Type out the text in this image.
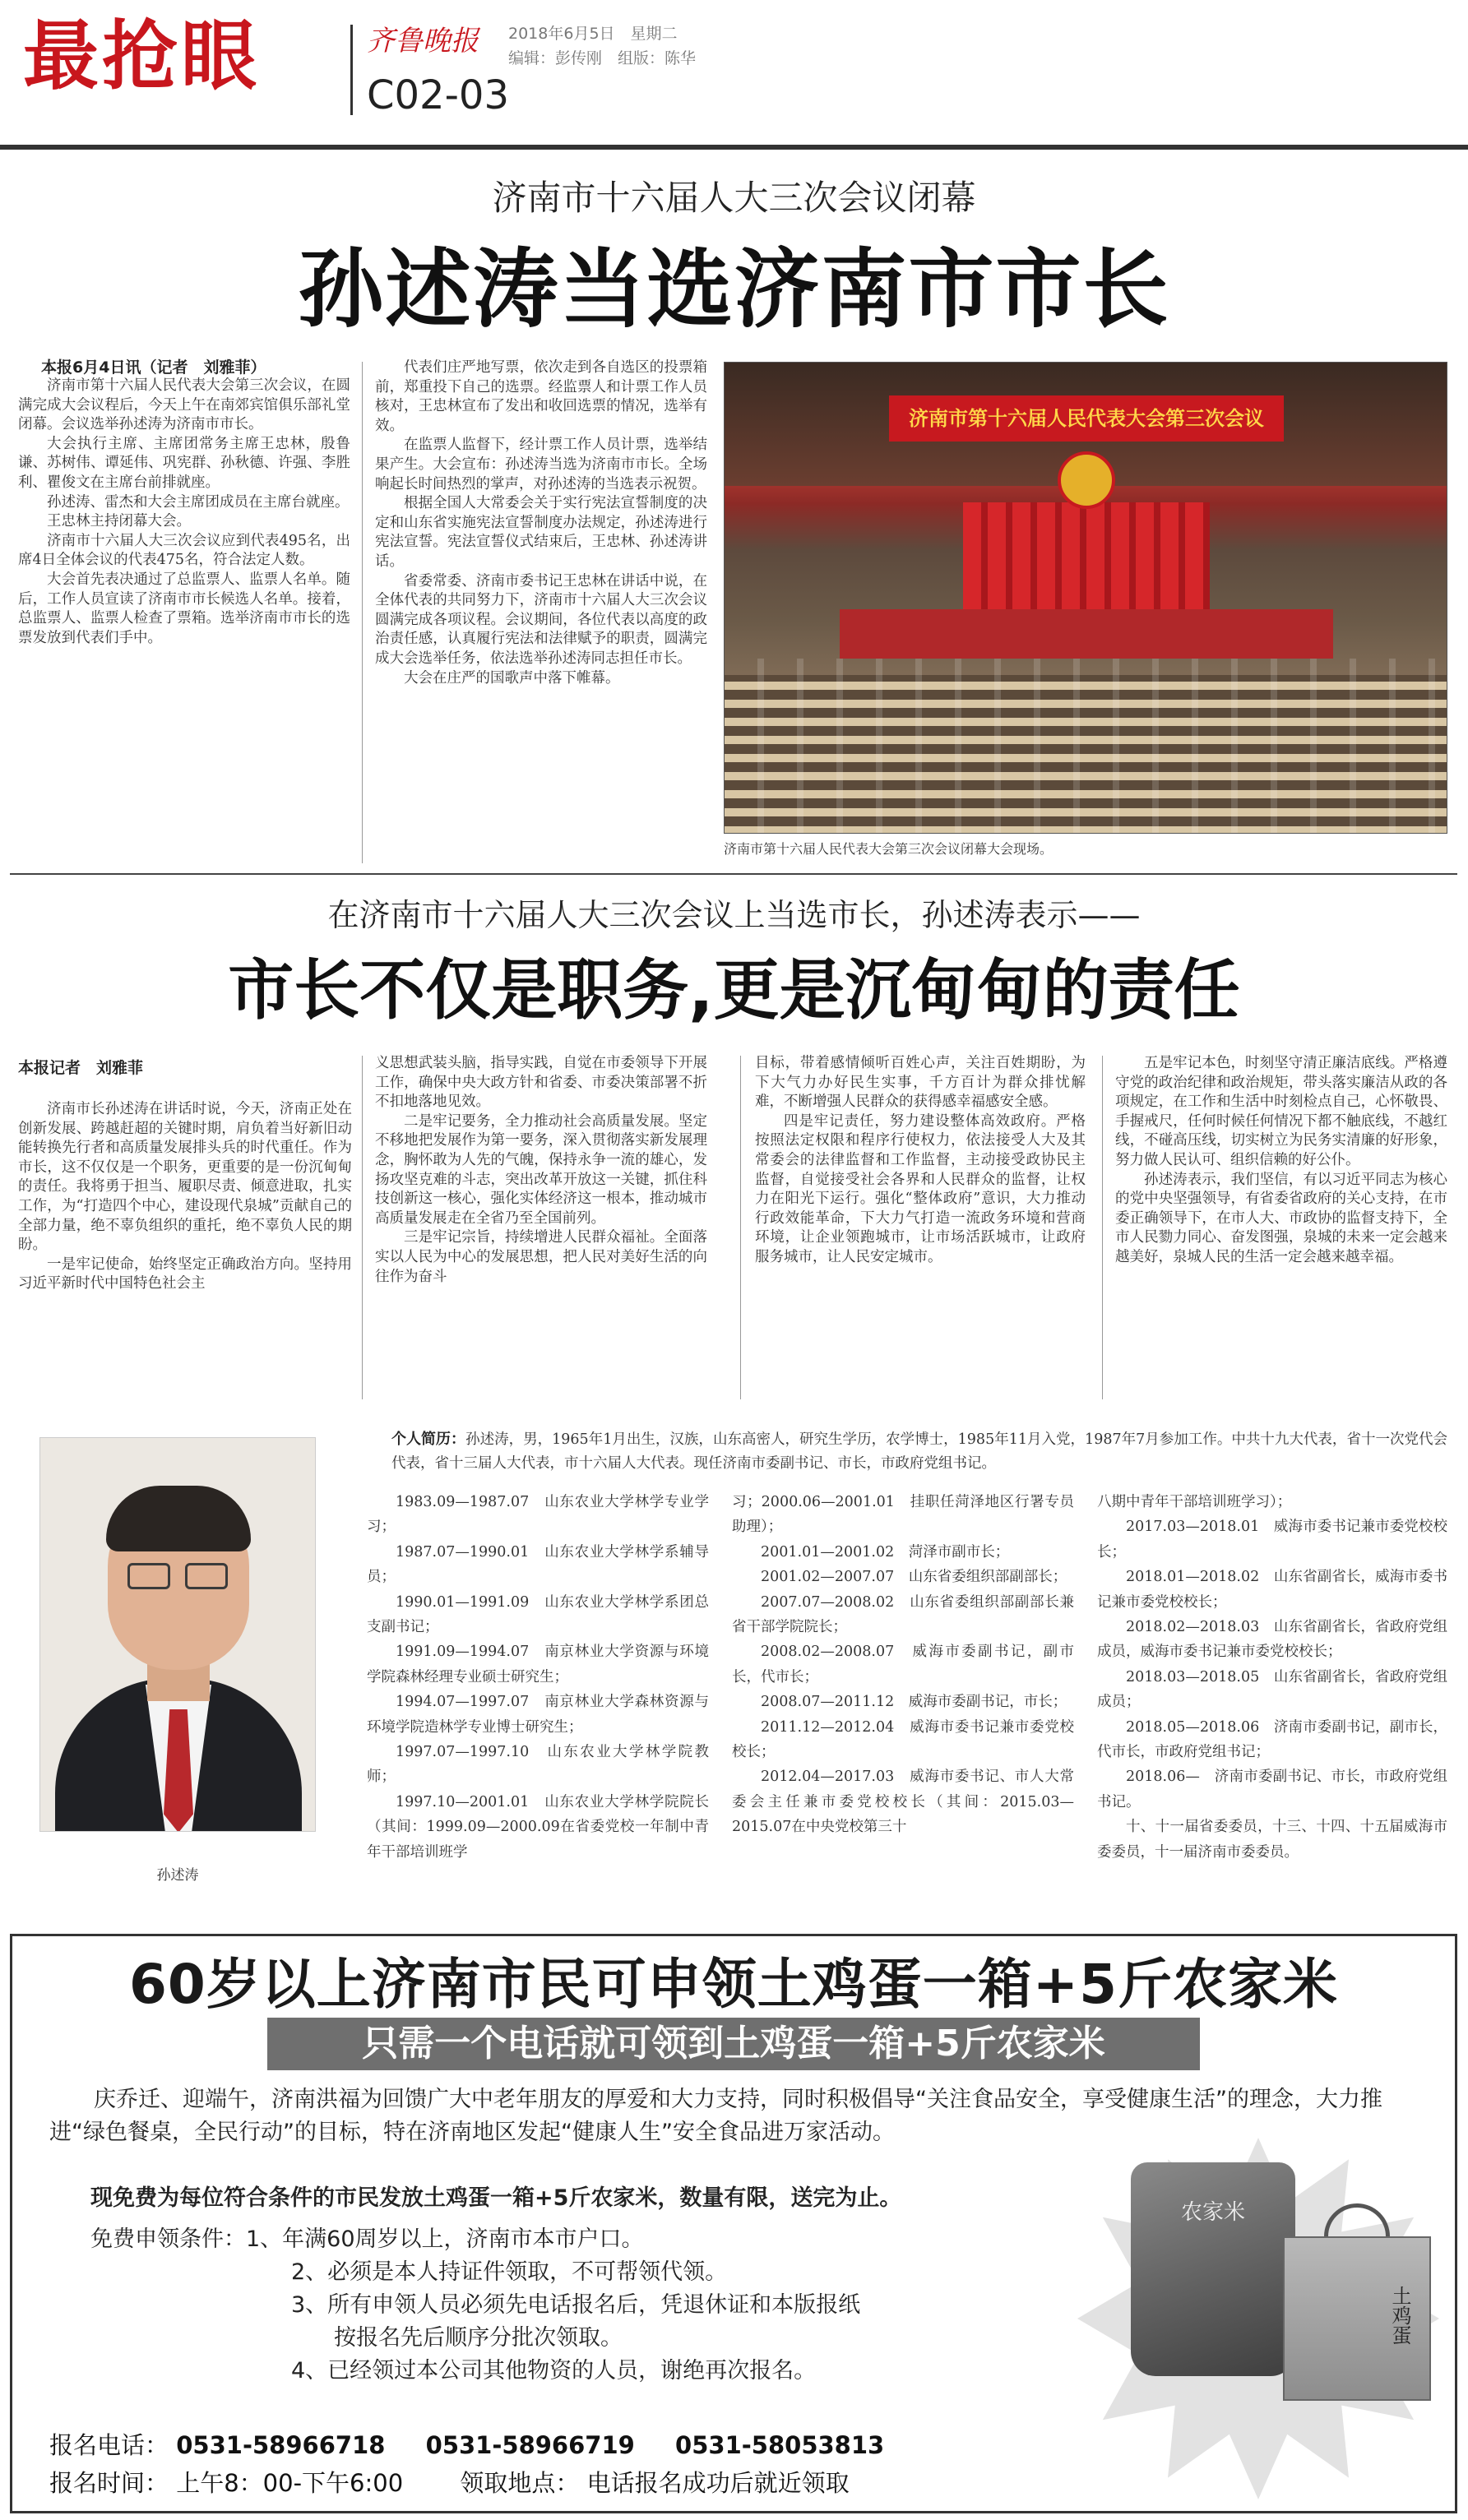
最抢眼	齐鲁晚报
C02-03
2018年6月5日　星期二
编辑：彭传刚　组版：陈华
济南市十六届人大三次会议闭幕
孙述涛当选济南市市长
本报6月4日讯（记者　刘雅菲）

济南市第十六届人民代表大会第三次会议，在圆满完成大会议程后，今天上午在南郊宾馆俱乐部礼堂闭幕。会议选举孙述涛为济南市市长。

大会执行主席、主席团常务主席王忠林，殷鲁谦、苏树伟、谭延伟、巩宪群、孙秋德、许强、李胜利、瞿俊文在主席台前排就座。

孙述涛、雷杰和大会主席团成员在主席台就座。

王忠林主持闭幕大会。

济南市十六届人大三次会议应到代表495名，出席4日全体会议的代表475名，符合法定人数。

大会首先表决通过了总监票人、监票人名单。随后，工作人员宣读了济南市市长候选人名单。接着，总监票人、监票人检查了票箱。选举济南市市长的选票发放到代表们手中。

代表们庄严地写票，依次走到各自选区的投票箱前，郑重投下自己的选票。经监票人和计票工作人员核对，王忠林宣布了发出和收回选票的情况，选举有效。

在监票人监督下，经计票工作人员计票，选举结果产生。大会宣布：孙述涛当选为济南市市长。全场响起长时间热烈的掌声，对孙述涛的当选表示祝贺。

根据全国人大常委会关于实行宪法宣誓制度的决定和山东省实施宪法宣誓制度办法规定，孙述涛进行宪法宣誓。宪法宣誓仪式结束后，王忠林、孙述涛讲话。

省委常委、济南市委书记王忠林在讲话中说，在全体代表的共同努力下，济南市十六届人大三次会议圆满完成各项议程。会议期间，各位代表以高度的政治责任感，认真履行宪法和法律赋予的职责，圆满完成大会选举任务，依法选举孙述涛同志担任市长。

大会在庄严的国歌声中落下帷幕。

济南市第十六届人民代表大会第三次会议
济南市第十六届人民代表大会第三次会议闭幕大会现场。
在济南市十六届人大三次会议上当选市长，孙述涛表示——
市长不仅是职务,更是沉甸甸的责任
本报记者　刘雅菲

济南市长孙述涛在讲话时说，今天，济南正处在创新发展、跨越赶超的关键时期，肩负着当好新旧动能转换先行者和高质量发展排头兵的时代重任。作为市长，这不仅仅是一个职务，更重要的是一份沉甸甸的责任。我将勇于担当、履职尽责、倾意进取，扎实工作，为“打造四个中心，建设现代泉城”贡献自己的全部力量，绝不辜负组织的重托，绝不辜负人民的期盼。

一是牢记使命，始终坚定正确政治方向。坚持用习近平新时代中国特色社会主

义思想武装头脑，指导实践，自觉在市委领导下开展工作，确保中央大政方针和省委、市委决策部署不折不扣地落地见效。

二是牢记要务，全力推动社会高质量发展。坚定不移地把发展作为第一要务，深入贯彻落实新发展理念，胸怀敢为人先的气魄，保持永争一流的雄心，发扬攻坚克难的斗志，突出改革开放这一关键，抓住科技创新这一核心，强化实体经济这一根本，推动城市高质量发展走在全省乃至全国前列。

三是牢记宗旨，持续增进人民群众福祉。全面落实以人民为中心的发展思想，把人民对美好生活的向往作为奋斗

目标，带着感情倾听百姓心声，关注百姓期盼，为下大气力办好民生实事，千方百计为群众排忧解难，不断增强人民群众的获得感幸福感安全感。

四是牢记责任，努力建设整体高效政府。严格按照法定权限和程序行使权力，依法接受人大及其常委会的法律监督和工作监督，主动接受政协民主监督，自觉接受社会各界和人民群众的监督，让权力在阳光下运行。强化“整体政府”意识，大力推动行政效能革命，下大力气打造一流政务环境和营商环境，让企业领跑城市，让市场活跃城市，让政府服务城市，让人民安定城市。

五是牢记本色，时刻坚守清正廉洁底线。严格遵守党的政治纪律和政治规矩，带头落实廉洁从政的各项规定，在工作和生活中时刻检点自己，心怀敬畏、手握戒尺，任何时候任何情况下都不触底线，不越红线，不碰高压线，切实树立为民务实清廉的好形象，努力做人民认可、组织信赖的好公仆。

孙述涛表示，我们坚信，有以习近平同志为核心的党中央坚强领导，有省委省政府的关心支持，在市委正确领导下，在市人大、市政协的监督支持下，全市人民勠力同心、奋发图强，泉城的未来一定会越来越美好，泉城人民的生活一定会越来越幸福。

孙述涛
个人简历：孙述涛，男，1965年1月出生，汉族，山东高密人，研究生学历，农学博士，1985年11月入党，1987年7月参加工作。中共十九大代表，省十一次党代会代表，省十三届人大代表，市十六届人大代表。现任济南市委副书记、市长，市政府党组书记。

1983.09—1987.07　山东农业大学林学专业学习；

1987.07—1990.01　山东农业大学林学系辅导员；

1990.01—1991.09　山东农业大学林学系团总支副书记；

1991.09—1994.07　南京林业大学资源与环境学院森林经理专业硕士研究生；

1994.07—1997.07　南京林业大学森林资源与环境学院造林学专业博士研究生；

1997.07—1997.10　山东农业大学林学院教师；

1997.10—2001.01　山东农业大学林学院院长（其间：1999.09—2000.09在省委党校一年制中青年干部培训班学

习；2000.06—2001.01　挂职任菏泽地区行署专员助理）；

2001.01—2001.02　菏泽市副市长；

2001.02—2007.07　山东省委组织部副部长；

2007.07—2008.02　山东省委组织部副部长兼省干部学院院长；

2008.02—2008.07　威海市委副书记，副市长，代市长；

2008.07—2011.12　威海市委副书记，市长；

2011.12—2012.04　威海市委书记兼市委党校校长；

2012.04—2017.03　威海市委书记、市人大常委会主任兼市委党校校长（其间：2015.03—2015.07在中央党校第三十

八期中青年干部培训班学习）；

2017.03—2018.01　威海市委书记兼市委党校校长；

2018.01—2018.02　山东省副省长，威海市委书记兼市委党校校长；

2018.02—2018.03　山东省副省长，省政府党组成员，威海市委书记兼市委党校校长；

2018.03—2018.05　山东省副省长，省政府党组成员；

2018.05—2018.06　济南市委副书记，副市长，代市长，市政府党组书记；

2018.06—　济南市委副书记、市长，市政府党组书记。

十、十一届省委委员，十三、十四、十五届威海市委委员，十一届济南市委委员。

60岁以上济南市民可申领土鸡蛋一箱+5斤农家米
只需一个电话就可领到土鸡蛋一箱+5斤农家米
农家米
土鸡蛋
庆乔迁、迎端午，济南洪福为回馈广大中老年朋友的厚爱和大力支持，同时积极倡导“关注食品安全，享受健康生活”的理念，大力推进“绿色餐桌，全民行动”的目标，特在济南地区发起“健康人生”安全食品进万家活动。
现免费为每位符合条件的市民发放土鸡蛋一箱+5斤农家米，数量有限，送完为止。
免费申领条件：1、年满60周岁以上，济南市本市户口。
2、必须是本人持证件领取，不可帮领代领。
3、所有申领人员必须先电话报名后，凭退休证和本版报纸
按报名先后顺序分批次领取。
4、已经领过本公司其他物资的人员，谢绝再次报名。
报名电话： 0531-58966718 0531-58966719 0531-58053813
报名时间： 上午8：00-下午6:00 领取地点： 电话报名成功后就近领取
